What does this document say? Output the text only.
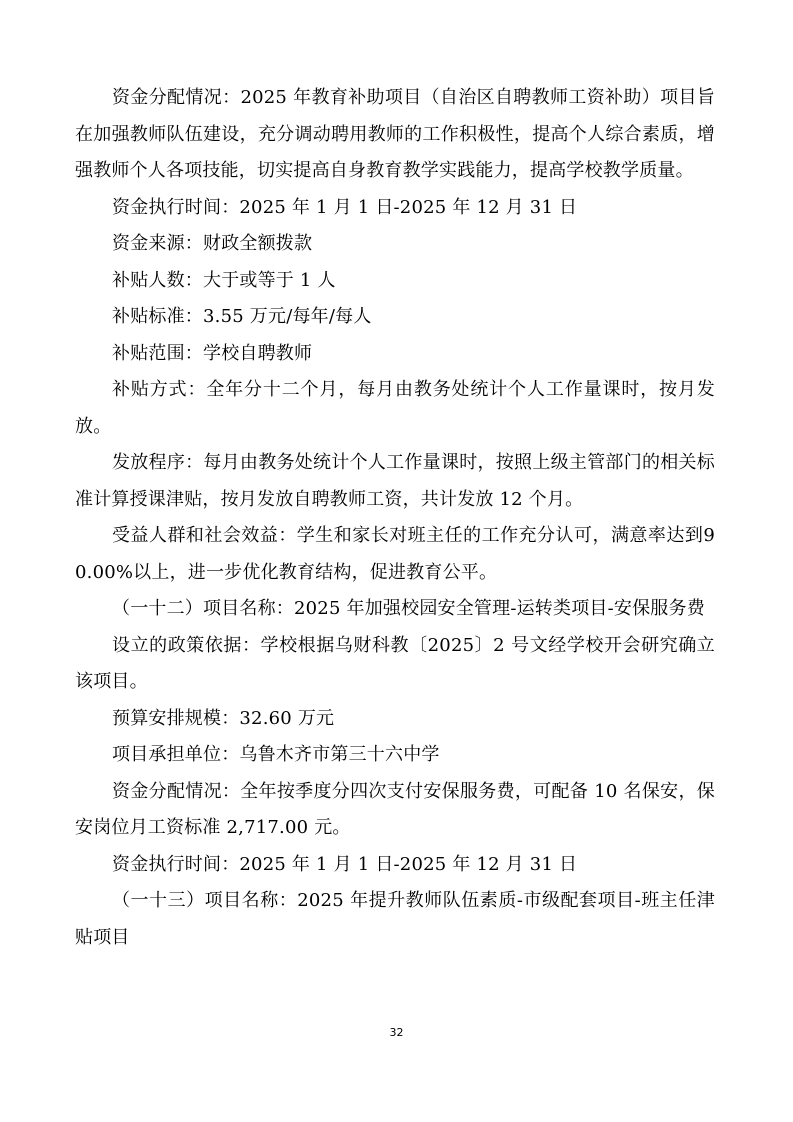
资金分配情况：2025 年教育补助项目（自治区自聘教师工资补助）项目旨在加强教师队伍建设，充分调动聘用教师的工作积极性，提高个人综合素质，增强教师个人各项技能，切实提高自身教育教学实践能力，提高学校教学质量。

资金执行时间：2025 年 1 月 1 日-2025 年 12 月 31 日

资金来源：财政全额拨款

补贴人数：大于或等于 1 人

补贴标准：3.55 万元/每年/每人

补贴范围：学校自聘教师

补贴方式：全年分十二个月，每月由教务处统计个人工作量课时，按月发放。

发放程序：每月由教务处统计个人工作量课时，按照上级主管部门的相关标准计算授课津贴，按月发放自聘教师工资，共计发放 12 个月。

受益人群和社会效益：学生和家长对班主任的工作充分认可，满意率达到90.00%以上，进一步优化教育结构，促进教育公平。

（一十二）项目名称：2025 年加强校园安全管理-运转类项目-安保服务费

设立的政策依据：学校根据乌财科教〔2025〕2 号文经学校开会研究确立该项目。

预算安排规模：32.60 万元

项目承担单位：乌鲁木齐市第三十六中学

资金分配情况：全年按季度分四次支付安保服务费，可配备 10 名保安，保安岗位月工资标准 2,717.00 元。

资金执行时间：2025 年 1 月 1 日-2025 年 12 月 31 日

（一十三）项目名称：2025 年提升教师队伍素质-市级配套项目-班主任津贴项目

32
